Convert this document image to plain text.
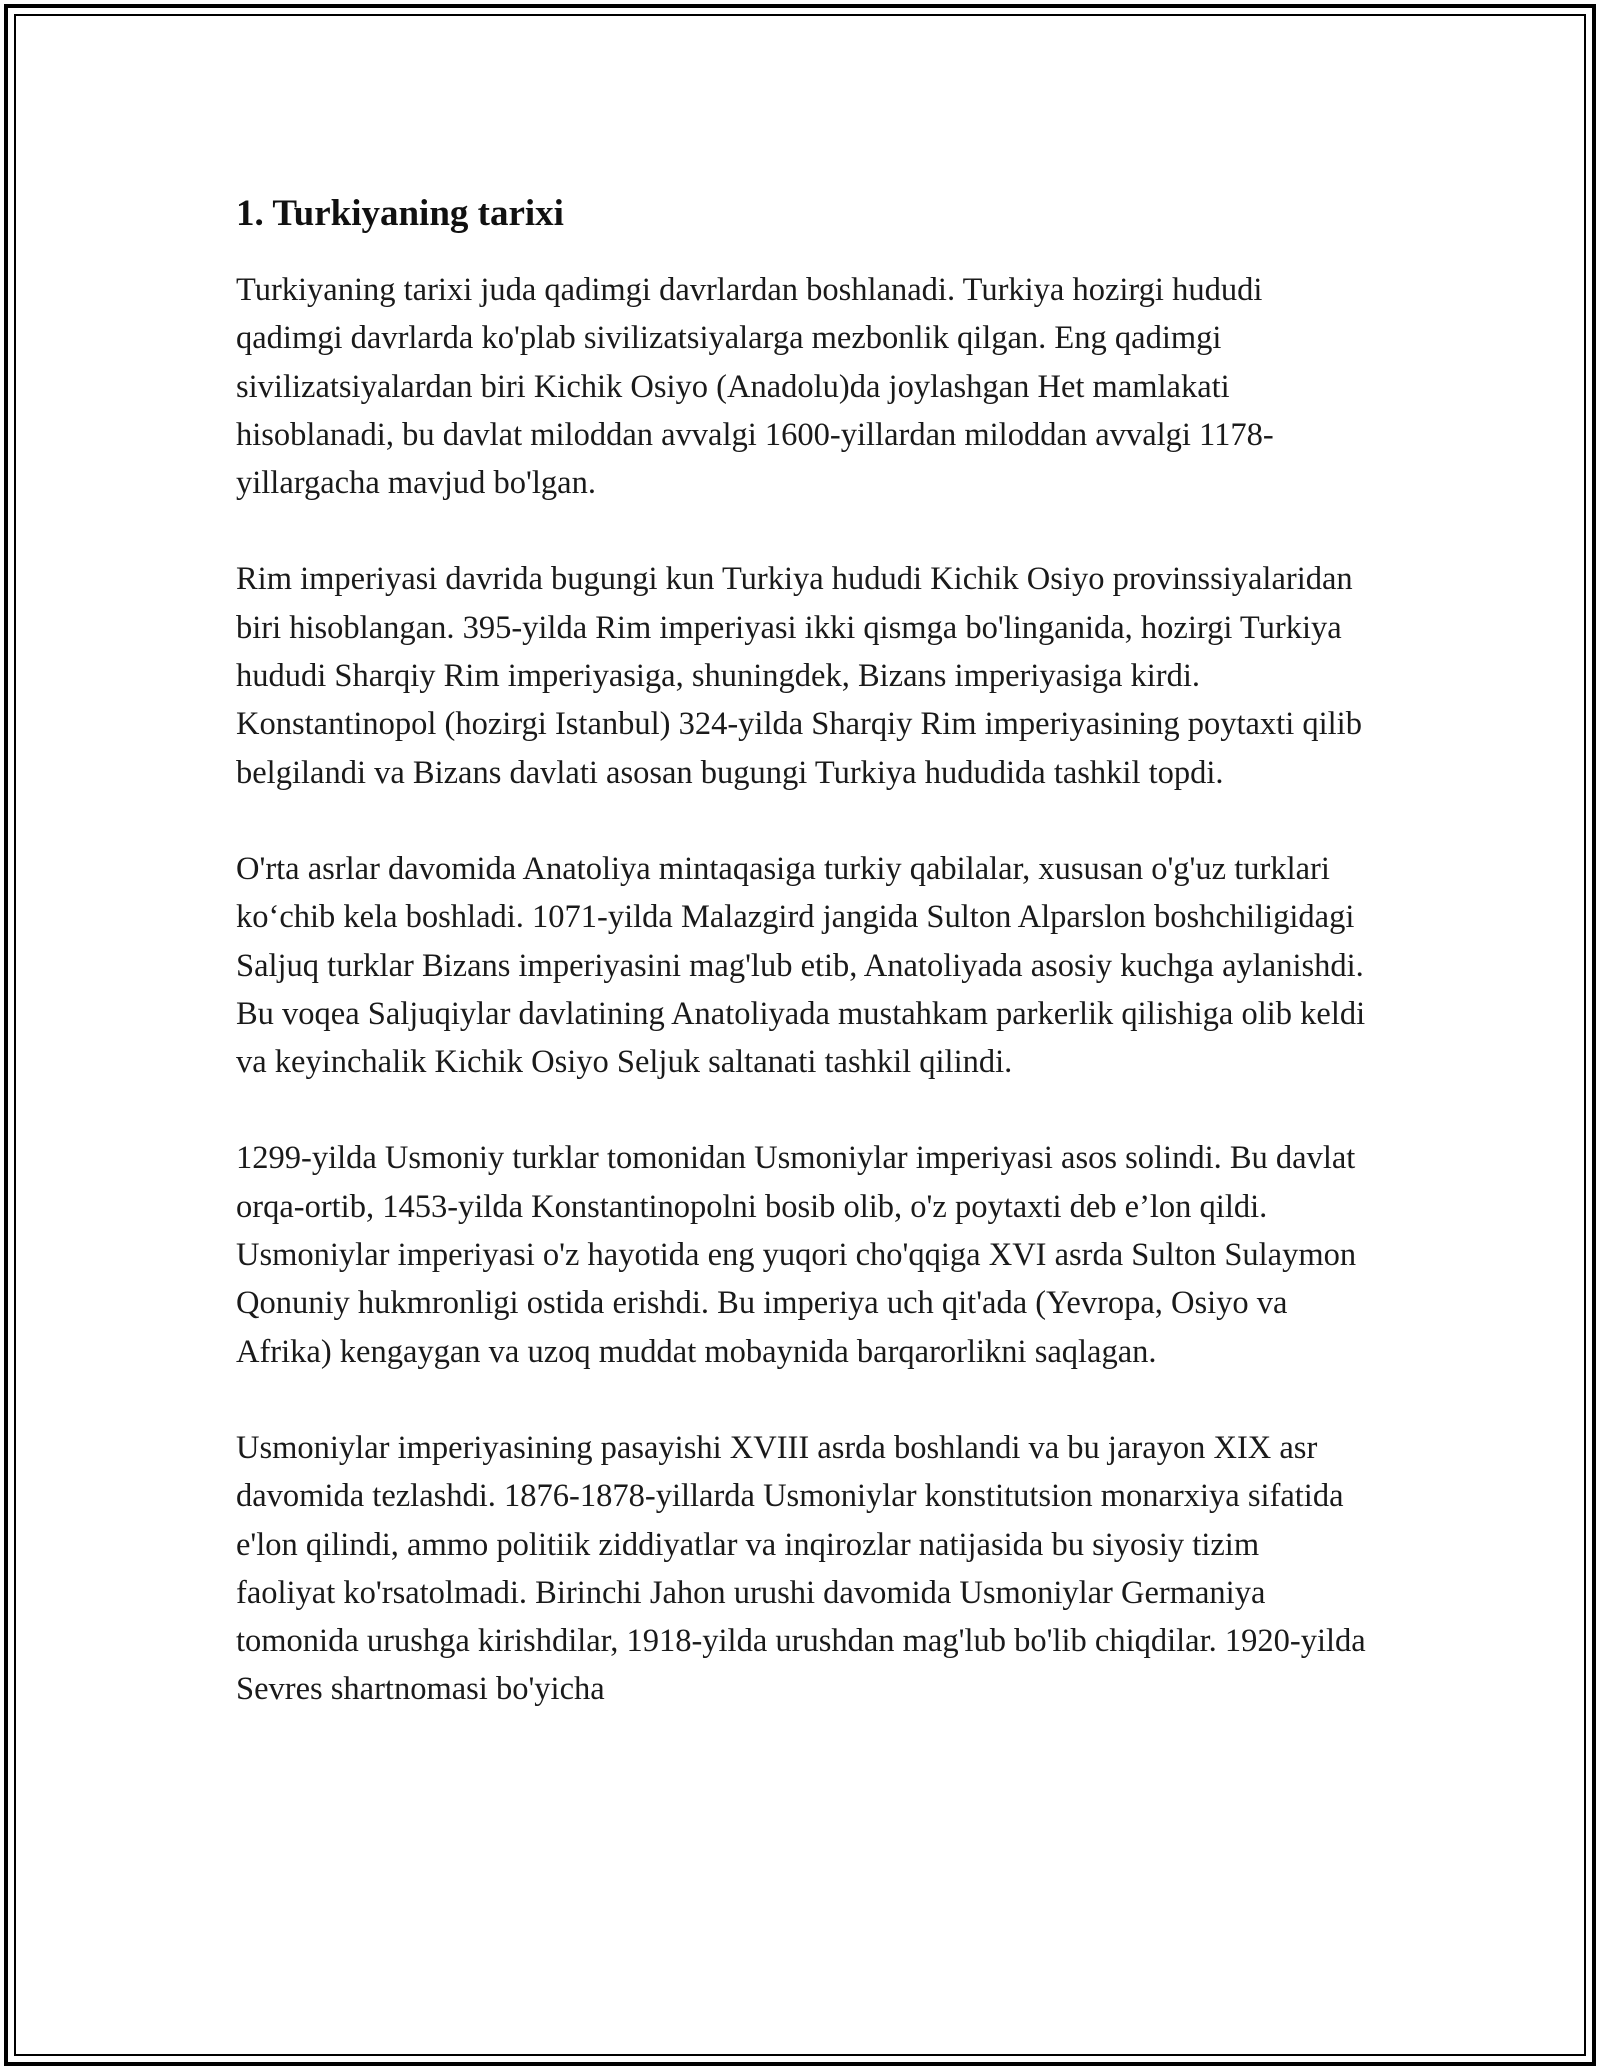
1. Turkiyaning tarixi

Turkiyaning tarixi juda qadimgi davrlardan boshlanadi. Turkiya hozirgi hududi qadimgi davrlarda ko'plab sivilizatsiyalarga mezbonlik qilgan. Eng qadimgi sivilizatsiyalardan biri Kichik Osiyo (Anadolu)da joylashgan Het mamlakati hisoblanadi, bu davlat miloddan avvalgi 1600-yillardan miloddan avvalgi 1178-yillargacha mavjud bo'lgan.

Rim imperiyasi davrida bugungi kun Turkiya hududi Kichik Osiyo provinssiyalaridan biri hisoblangan. 395-yilda Rim imperiyasi ikki qismga bo'linganida, hozirgi Turkiya hududi Sharqiy Rim imperiyasiga, shuningdek, Bizans imperiyasiga kirdi. Konstantinopol (hozirgi Istanbul) 324-yilda Sharqiy Rim imperiyasining poytaxti qilib belgilandi va Bizans davlati asosan bugungi Turkiya hududida tashkil topdi.

O'rta asrlar davomida Anatoliya mintaqasiga turkiy qabilalar, xususan o'g'uz turklari ko‘chib kela boshladi. 1071-yilda Malazgird jangida Sulton Alparslon boshchiligidagi Saljuq turklar Bizans imperiyasini mag'lub etib, Anatoliyada asosiy kuchga aylanishdi. Bu voqea Saljuqiylar davlatining Anatoliyada mustahkam parkerlik qilishiga olib keldi va keyinchalik Kichik Osiyo Seljuk saltanati tashkil qilindi.

1299-yilda Usmoniy turklar tomonidan Usmoniylar imperiyasi asos solindi. Bu davlat orqa-ortib, 1453-yilda Konstantinopolni bosib olib, o'z poytaxti deb e’lon qildi. Usmoniylar imperiyasi o'z hayotida eng yuqori cho'qqiga XVI asrda Sulton Sulaymon Qonuniy hukmronligi ostida erishdi. Bu imperiya uch qit'ada (Yevropa, Osiyo va Afrika) kengaygan va uzoq muddat mobaynida barqarorlikni saqlagan.

Usmoniylar imperiyasining pasayishi XVIII asrda boshlandi va bu jarayon XIX asr davomida tezlashdi. 1876-1878-yillarda Usmoniylar konstitutsion monarxiya sifatida e'lon qilindi, ammo politiik ziddiyatlar va inqirozlar natijasida bu siyosiy tizim faoliyat ko'rsatolmadi. Birinchi Jahon urushi davomida Usmoniylar Germaniya tomonida urushga kirishdilar, 1918-yilda urushdan mag'lub bo'lib chiqdilar. 1920-yilda Sevres shartnomasi bo'yicha
